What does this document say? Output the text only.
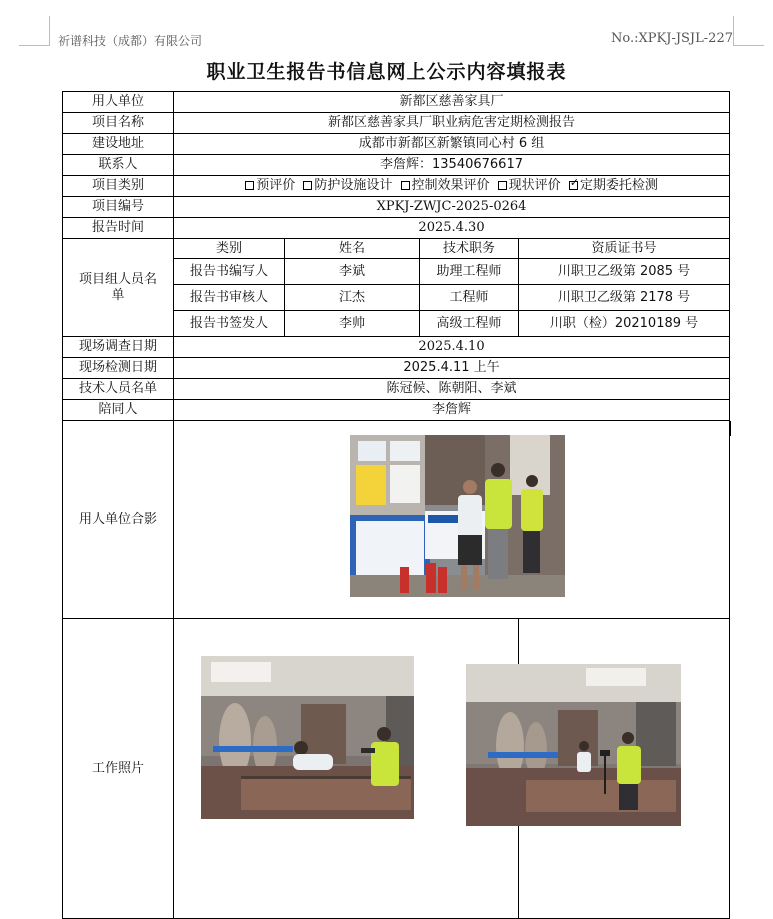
祈谱科技（成都）有限公司	No.:XPKJ-JSJL-227
职业卫生报告书信息网上公示内容填报表
用人单位	新都区慈善家具厂			
项目名称	新都区慈善家具厂职业病危害定期检测报告			
建设地址	成都市新都区新繁镇同心村 6 组			
联系人	李詹辉：13540676617			
项目类别	预评价 防护设施设计 控制效果评价 现状评价 ✓ 定期委托检测
项目编号	XPKJ-ZWJC-2025-0264			
报告时间	2025.4.30			
项目组人员名单	类别	姓名	技术职务	资质证书号
	报告书编写人	李斌	助理工程师	川职卫乙级第 2085 号
	报告书审核人	江杰	工程师	川职卫乙级第 2178 号
	报告书签发人	李帅	高级工程师	川职（检）20210189 号
现场调查日期	2025.4.10			
现场检测日期	2025.4.11 上午			
技术人员名单	陈冠候、陈朝阳、李斌			
陪同人	李詹辉			
用人单位合影				
工作照片				
